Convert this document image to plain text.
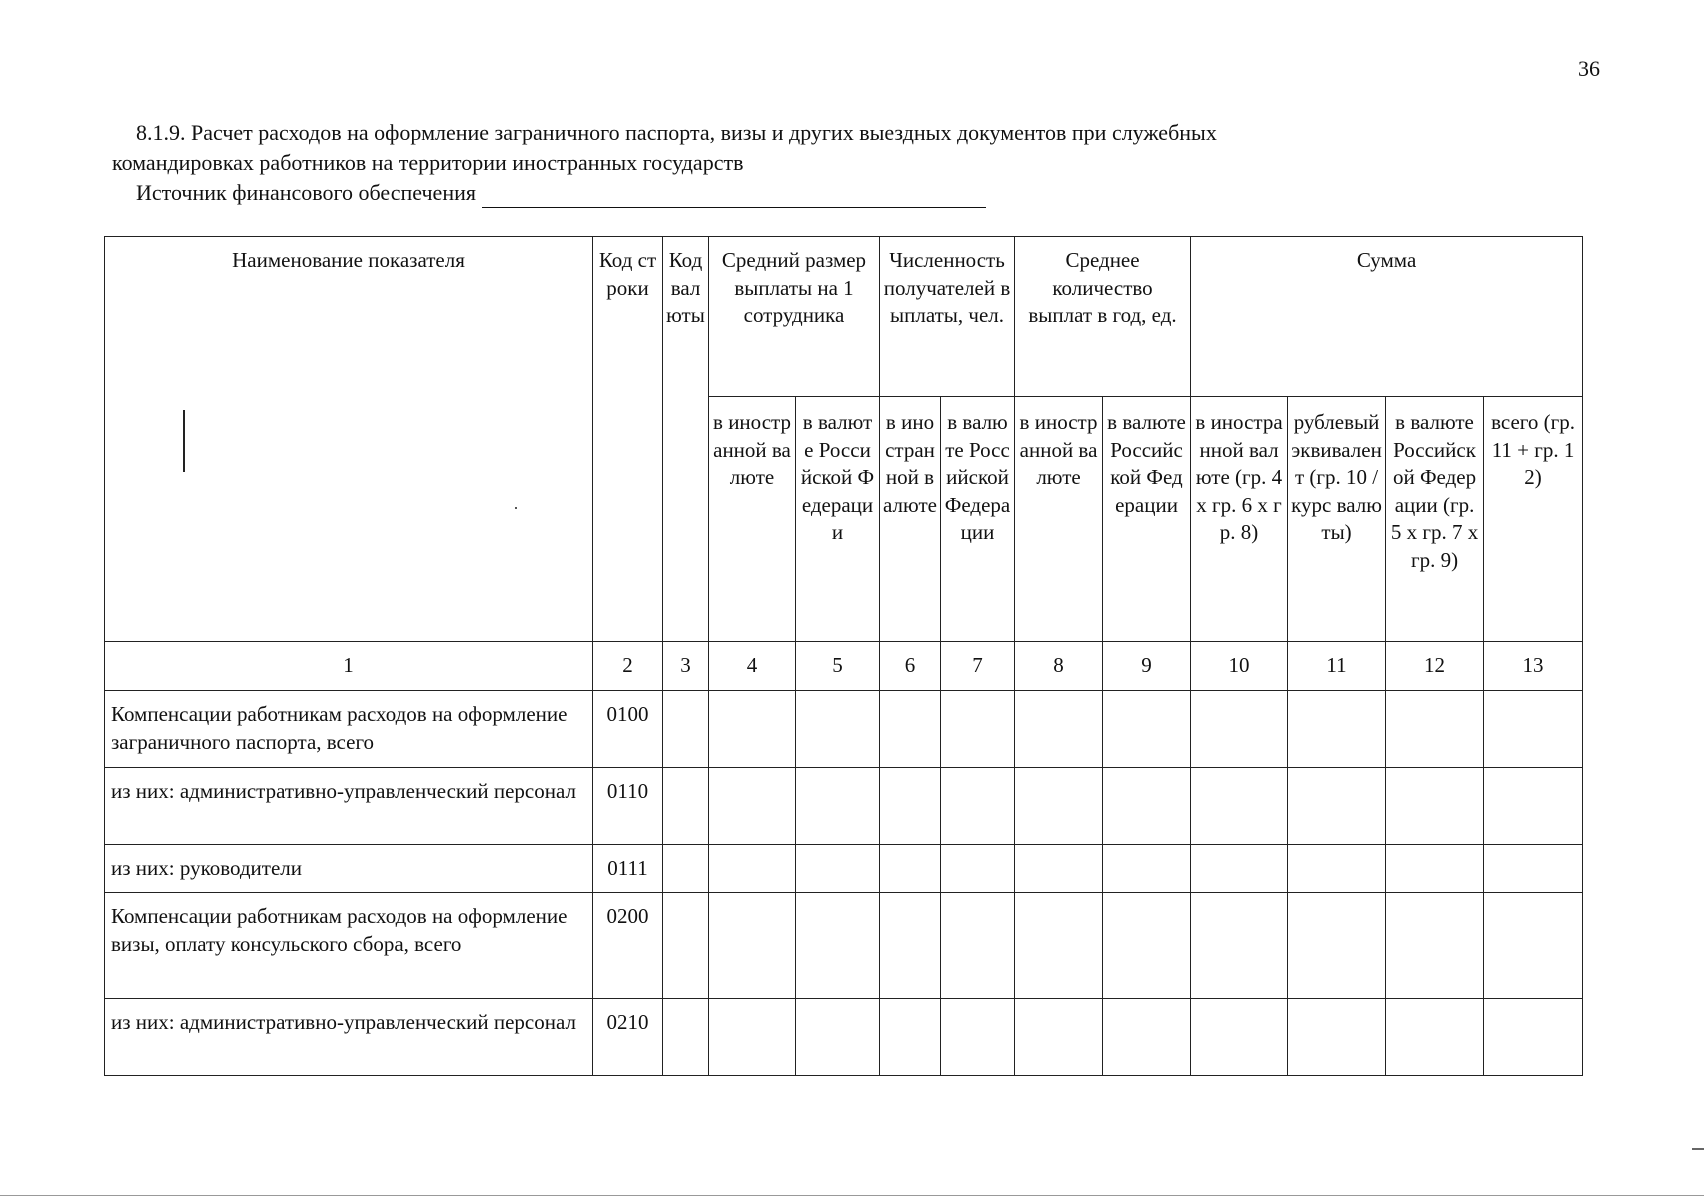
36
8.1.9. Расчет расходов на оформление заграничного паспорта, визы и других выездных документов при служебных
командировках работников на территории иностранных государств
Источник финансового обеспечения
Наименование показателя	Код строки	Код валюты	Средний размер выплаты на 1 сотрудника		Численность получателей выплаты, чел.		Среднее количество выплат в год, ед.		Сумма			
			в иностранной валюте	в валюте Российской Федерации	в иностранной валюте	в валюте Российской Федерации	в иностранной валюте	в валюте Российской Федерации	в иностранной валюте (гр. 4 х гр. 6 х гр. 8)	рублевый эквивалент (гр. 10 / курс валюты)	в валюте Российской Федерации (гр. 5 х гр. 7 х гр. 9)	всего (гр. 11 + гр. 12)
1	2	3	4	5	6	7	8	9	10	11	12	13
Компенсации работникам расходов на оформление заграничного паспорта, всего	0100											
из них: административно-управленческий персонал	0110											
из них: руководители	0111											
Компенсации работникам расходов на оформление визы, оплату консульского сбора, всего	0200											
из них: административно-управленческий персонал	0210											
